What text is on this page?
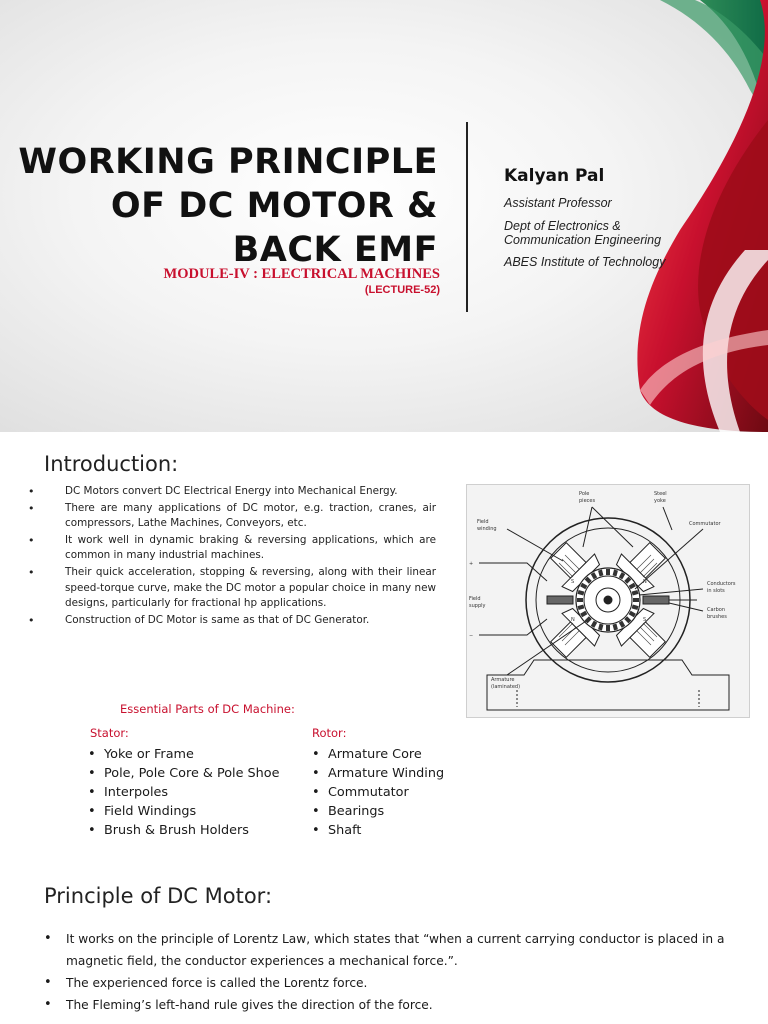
WORKING PRINCIPLE
OF DC MOTOR &
BACK EMF
MODULE-IV : ELECTRICAL MACHINES
(LECTURE-52)
Kalyan Pal
Assistant Professor
Dept of Electronics &
Communication Engineering
ABES Institute of Technology
Introduction:
• DC Motors convert DC Electrical Energy into Mechanical Energy.
• There are many applications of DC motor, e.g. traction, cranes, air compressors, Lathe Machines, Conveyors, etc.
• It work well in dynamic braking & reversing applications, which are common in many industrial machines.
• Their quick acceleration, stopping & reversing, along with their linear speed-torque curve, make the DC motor a popular choice in many new designs, particularly for fractional hp applications.
• Construction of DC Motor is same as that of DC Generator.
Pole
pieces
Steel
yoke
Field
winding
Commutator
Conductors
in slots
Field
supply
Carbon
brushes
Armature
(laminated)
+
−
S	N
N	S
Essential Parts of DC Machine:
Stator:
• Yoke or Frame
• Pole, Pole Core & Pole Shoe
• Interpoles
• Field Windings
• Brush & Brush Holders
Rotor:
• Armature Core
• Armature Winding
• Commutator
• Bearings
• Shaft
Principle of DC Motor:
• It works on the principle of Lorentz Law, which states that “when a current carrying conductor is placed in a magnetic field, the conductor experiences a mechanical force.”.
• The experienced force is called the Lorentz force.
• The Fleming’s left-hand rule gives the direction of the force.
